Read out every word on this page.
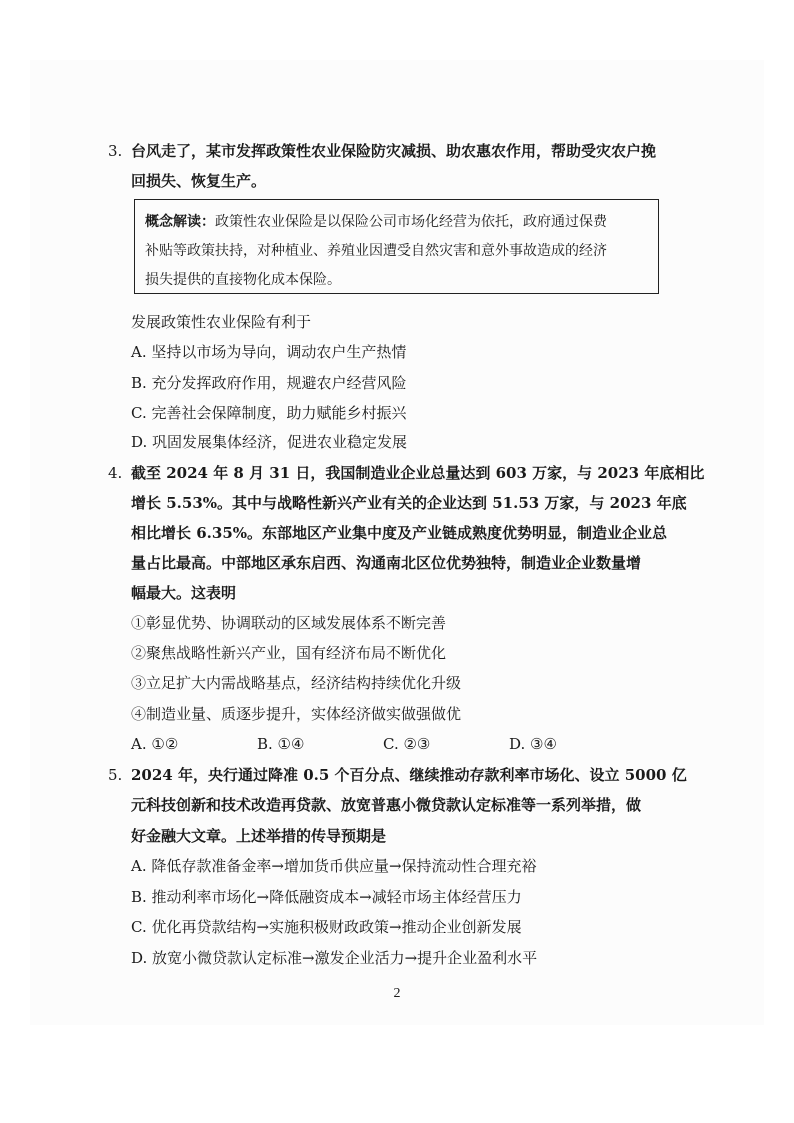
3. 台风走了，某市发挥政策性农业保险防灾减损、助农惠农作用，帮助受灾农户挽
回损失、恢复生产。
概念解读：政策性农业保险是以保险公司市场化经营为依托，政府通过保费
补贴等政策扶持，对种植业、养殖业因遭受自然灾害和意外事故造成的经济
损失提供的直接物化成本保险。
发展政策性农业保险有利于
A. 坚持以市场为导向，调动农户生产热情
B. 充分发挥政府作用，规避农户经营风险
C. 完善社会保障制度，助力赋能乡村振兴
D. 巩固发展集体经济，促进农业稳定发展
4. 截至 2024 年 8 月 31 日，我国制造业企业总量达到 603 万家，与 2023 年底相比
增长 5.53%。其中与战略性新兴产业有关的企业达到 51.53 万家，与 2023 年底
相比增长 6.35%。东部地区产业集中度及产业链成熟度优势明显，制造业企业总
量占比最高。中部地区承东启西、沟通南北区位优势独特，制造业企业数量增
幅最大。这表明
①彰显优势、协调联动的区域发展体系不断完善
②聚焦战略性新兴产业，国有经济布局不断优化
③立足扩大内需战略基点，经济结构持续优化升级
④制造业量、质逐步提升，实体经济做实做强做优
A. ①②	B. ①④	C. ②③	D. ③④
5. 2024 年，央行通过降准 0.5 个百分点、继续推动存款利率市场化、设立 5000 亿
元科技创新和技术改造再贷款、放宽普惠小微贷款认定标准等一系列举措，做
好金融大文章。上述举措的传导预期是
A. 降低存款准备金率→增加货币供应量→保持流动性合理充裕
B. 推动利率市场化→降低融资成本→减轻市场主体经营压力
C. 优化再贷款结构→实施积极财政政策→推动企业创新发展
D. 放宽小微贷款认定标准→激发企业活力→提升企业盈利水平
2
